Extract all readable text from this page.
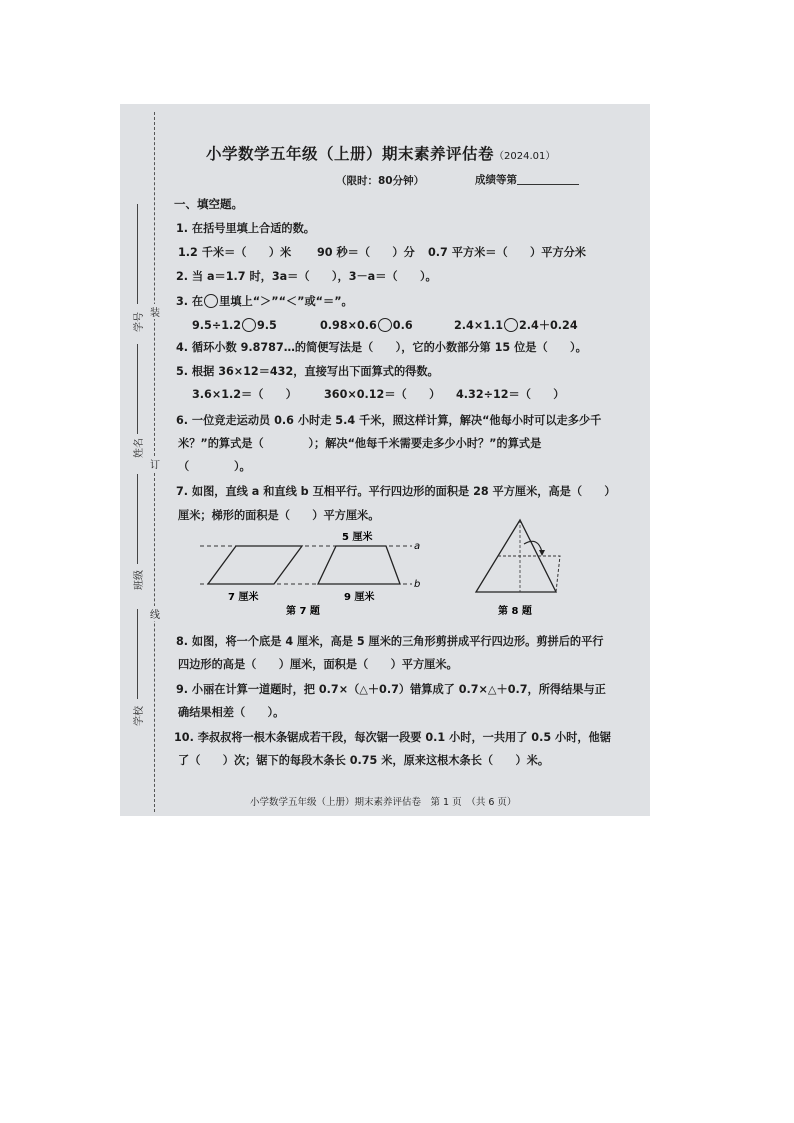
学号
姓名
班级
学校
装
订
线
小学数学五年级（上册）期末素养评估卷（2024.01）
（限时：80分钟）	成绩等第
一、填空题。
1. 在括号里填上合适的数。
1.2 千米＝（　　）米 90 秒＝（　　）分 0.7 平方米＝（　　）平方分米
2. 当 a＝1.7 时，3a＝（　　），3－a＝（　　）。
3. 在 里填上“＞”“＜”或“＝”。
9.5÷1.2 9.5	0.98×0.6 0.6	2.4×1.1 2.4＋0.24
4. 循环小数 9.8787…的简便写法是（　　），它的小数部分第 15 位是（　　）。
5. 根据 36×12＝432，直接写出下面算式的得数。
3.6×1.2＝（　　） 360×0.12＝（　　） 4.32÷12＝（　　）
6. 一位竞走运动员 0.6 小时走 5.4 千米，照这样计算，解决“他每小时可以走多少千
米？”的算式是（　　　　）；解决“他每千米需要走多少小时？”的算式是
（　　　　）。
7. 如图，直线 a 和直线 b 互相平行。平行四边形的面积是 28 平方厘米，高是（　　）
厘米；梯形的面积是（　　）平方厘米。
5 厘米
a
b
7 厘米	9 厘米
第 7 题	第 8 题
8. 如图，将一个底是 4 厘米，高是 5 厘米的三角形剪拼成平行四边形。剪拼后的平行
四边形的高是（　　）厘米，面积是（　　）平方厘米。
9. 小丽在计算一道题时，把 0.7×（△＋0.7）错算成了 0.7×△＋0.7，所得结果与正
确结果相差（　　）。
10. 李叔叔将一根木条锯成若干段，每次锯一段要 0.1 小时，一共用了 0.5 小时，他锯
了（　　）次；锯下的每段木条长 0.75 米，原来这根木条长（　　）米。
小学数学五年级（上册）期末素养评估卷　第 1 页　（共 6 页）
